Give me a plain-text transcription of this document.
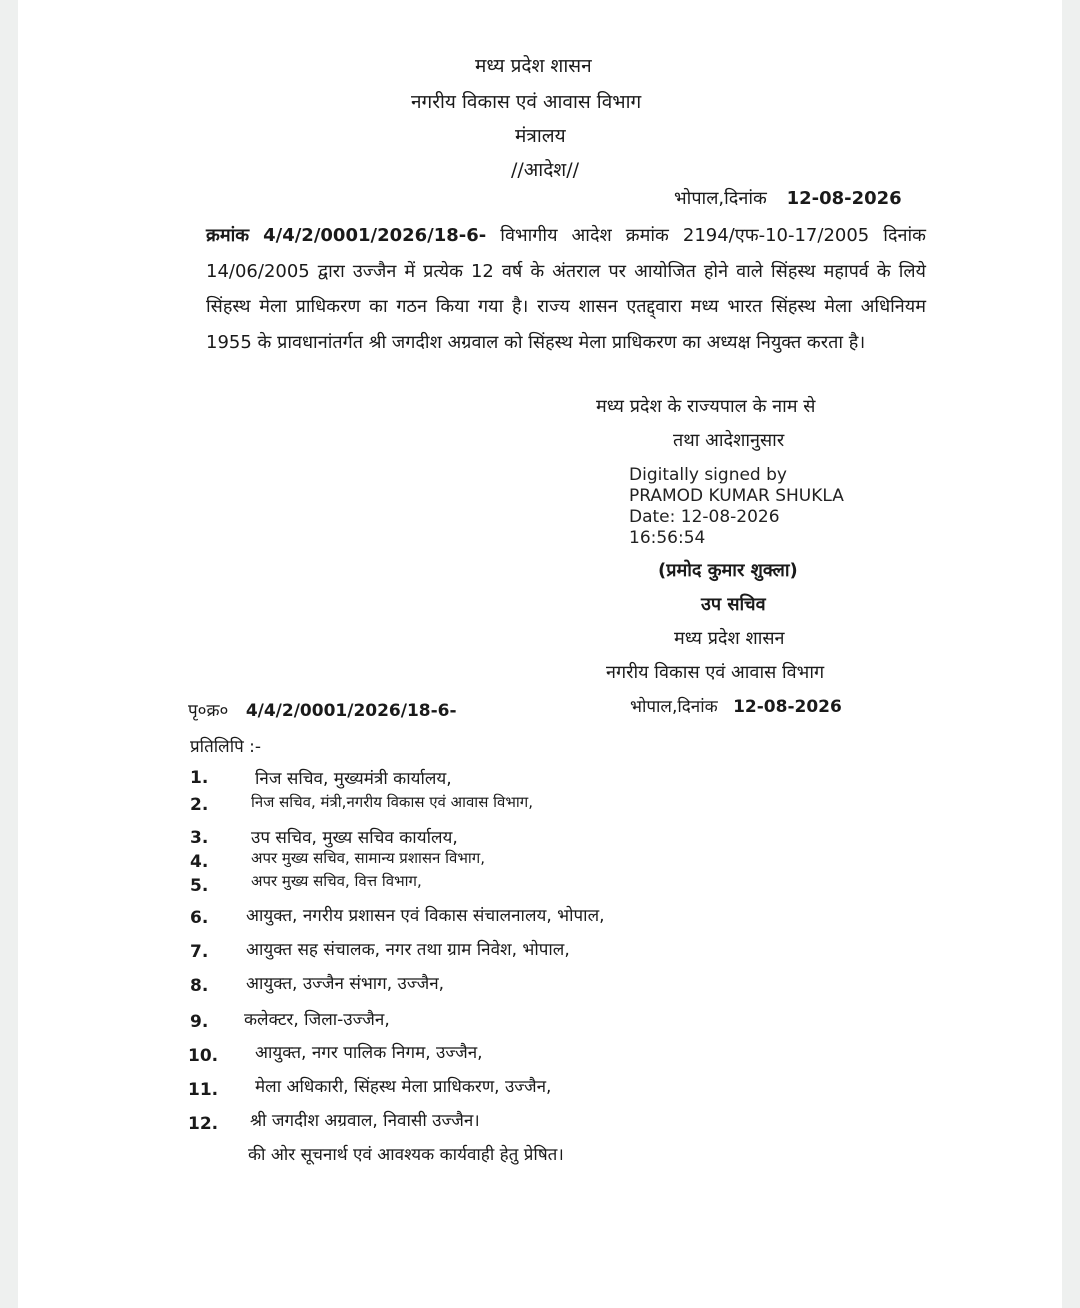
मध्य प्रदेश शासन
नगरीय विकास एवं आवास विभाग
मंत्रालय
//आदेश//
भोपाल,दिनांक 12-08-2026
क्रमांक 4/4/2/0001/2026/18-6- विभागीय आदेश क्रमांक 2194/एफ-10-17/2005 दिनांक 14/06/2005 द्वारा उज्जैन में प्रत्येक 12 वर्ष के अंतराल पर आयोजित होने वाले सिंहस्थ महापर्व के लिये सिंहस्थ मेला प्राधिकरण का गठन किया गया है। राज्य शासन एतद्द्वारा मध्य भारत सिंहस्थ मेला अधिनियम 1955 के प्रावधानांतर्गत श्री जगदीश अग्रवाल को सिंहस्थ मेला प्राधिकरण का अध्यक्ष नियुक्त करता है।
मध्य प्रदेश के राज्यपाल के नाम से
तथा आदेशानुसार
Digitally signed by
PRAMOD KUMAR SHUKLA
Date: 12-08-2026
16:56:54
(प्रमोद कुमार शुक्ला)
उप सचिव
मध्य प्रदेश शासन
नगरीय विकास एवं आवास विभाग
पृ०क्र० 4/4/2/0001/2026/18-6-	भोपाल,दिनांक 12-08-2026
प्रतिलिपि :-
1.	निज सचिव, मुख्यमंत्री कार्यालय,
2.	निज सचिव, मंत्री,नगरीय विकास एवं आवास विभाग,
3.	उप सचिव, मुख्य सचिव कार्यालय,
4.	अपर मुख्य सचिव, सामान्य प्रशासन विभाग,
5.	अपर मुख्य सचिव, वित्त विभाग,
6. आयुक्त, नगरीय प्रशासन एवं विकास संचालनालय, भोपाल,
7. आयुक्त सह संचालक, नगर तथा ग्राम निवेश, भोपाल,
8. आयुक्त, उज्जैन संभाग, उज्जैन,
9. कलेक्टर, जिला-उज्जैन,
10. आयुक्त, नगर पालिक निगम, उज्जैन,
11. मेला अधिकारी, सिंहस्थ मेला प्राधिकरण, उज्जैन,
12. श्री जगदीश अग्रवाल, निवासी उज्जैन।
की ओर सूचनार्थ एवं आवश्यक कार्यवाही हेतु प्रेषित।
